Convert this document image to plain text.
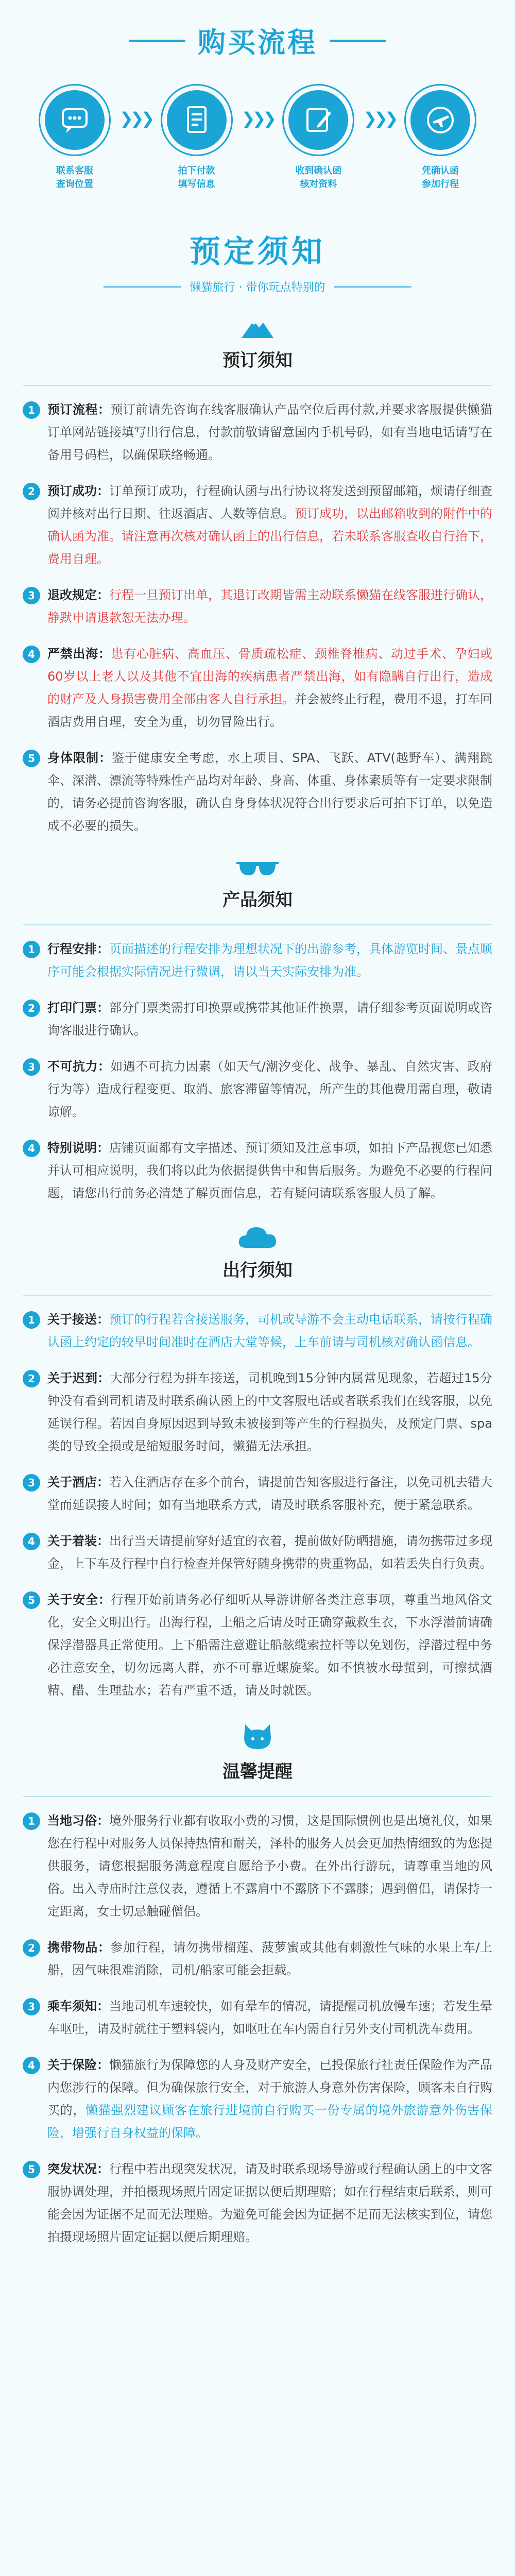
购买流程
联系客服
查询位置
❯❯❯
拍下付款
填写信息
❯❯❯
收到确认函
核对资料
❯❯❯
凭确认函
参加行程
预定须知
懒猫旅行 · 带你玩点特别的
预订须知
1	预订流程：预订前请先咨询在线客服确认产品空位后再付款,并要求客服提供懒猫订单网站链接填写出行信息，付款前敬请留意国内手机号码，如有当地电话请写在备用号码栏，以确保联络畅通。
2	预订成功：订单预订成功，行程确认函与出行协议将发送到预留邮箱，烦请仔细查阅并核对出行日期、往返酒店、人数等信息。预订成功，以出邮箱收到的附件中的确认函为准。请注意再次核对确认函上的出行信息，若未联系客服查收自行抬下，费用自理。
3	退改规定：行程一旦预订出单，其退订改期皆需主动联系懒猫在线客服进行确认，静默申请退款恕无法办理。
4	严禁出海：患有心脏病、高血压、骨质疏松症、颈椎脊椎病、动过手术、孕妇或60岁以上老人以及其他不宜出海的疾病患者严禁出海，如有隐瞒自行出行，造成的财产及人身损害费用全部由客人自行承担。并会被终止行程，费用不退，打车回酒店费用自理，安全为重，切勿冒险出行。
5	身体限制：鉴于健康安全考虑，水上项目、SPA、飞跃、ATV(越野车）、满翔跳伞、深潜、漂流等特殊性产品均对年龄、身高、体重、身体素质等有一定要求限制的，请务必提前咨询客服，确认自身身体状况符合出行要求后可拍下订单，以免造成不必要的损失。
产品须知
1	行程安排：页面描述的行程安排为理想状况下的出游参考，具体游览时间、景点顺序可能会根据实际情况进行微调，请以当天实际安排为准。
2	打印门票：部分门票类需打印换票或携带其他证件换票，请仔细参考页面说明或咨询客服进行确认。
3	不可抗力：如遇不可抗力因素（如天气/潮汐变化、战争、暴乱、自然灾害、政府行为等）造成行程变更、取消、旅客滞留等情况，所产生的其他费用需自理，敬请谅解。
4	特别说明：店铺页面都有文字描述、预订须知及注意事项，如拍下产品视您已知悉并认可相应说明，我们将以此为依据提供售中和售后服务。为避免不必要的行程问题，请您出行前务必清楚了解页面信息，若有疑问请联系客服人员了解。
出行须知
1	关于接送：预订的行程若含接送服务，司机或导游不会主动电话联系，请按行程确认函上约定的较早时间准时在酒店大堂等候，上车前请与司机核对确认函信息。
2	关于迟到：大部分行程为拼车接送，司机晚到15分钟内属常见现象，若超过15分钟没有看到司机请及时联系确认函上的中文客服电话或者联系我们在线客服，以免延误行程。若因自身原因迟到导致未被接到等产生的行程损失，及预定门票、spa类的导致全损或是缩短服务时间，懒猫无法承担。
3	关于酒店：若入住酒店存在多个前台，请提前告知客服进行备注，以免司机去错大堂而延误接人时间；如有当地联系方式，请及时联系客服补充，便于紧急联系。
4	关于着装：出行当天请提前穿好适宜的衣着，提前做好防晒措施，请勿携带过多现金，上下车及行程中自行检查并保管好随身携带的贵重物品，如若丢失自行负责。
5	关于安全：行程开始前请务必仔细听从导游讲解各类注意事项，尊重当地风俗文化，安全文明出行。出海行程，上船之后请及时正确穿戴救生衣，下水浮潜前请确保浮潜器具正常使用。上下船需注意避让船舷缆索拉杆等以免划伤，浮潜过程中务必注意安全，切勿远离人群，亦不可靠近螺旋桨。如不慎被水母蜇到，可擦拭酒精、醋、生理盐水；若有严重不适，请及时就医。
温馨提醒
1	当地习俗：境外服务行业都有收取小费的习惯，这是国际惯例也是出境礼仪，如果您在行程中对服务人员保持热情和耐关，泽朴的服务人员会更加热情细致的为您提供服务，请您根据服务满意程度自愿给予小费。在外出行游玩，请尊重当地的风俗。出入寺庙时注意仪表，遵循上不露肩中不露脐下不露膝；遇到僧侣，请保持一定距离，女士切忌触碰僧侣。
2	携带物品：参加行程，请勿携带榴莲、菠萝蜜或其他有刺激性气味的水果上车/上船，因气味很难消除，司机/船家可能会拒载。
3	乘车须知：当地司机车速较快，如有晕车的情况，请提醒司机放慢车速；若发生晕车呕吐，请及时就往于塑料袋内，如呕吐在车内需自行另外支付司机洗车费用。
4	关于保险：懒猫旅行为保障您的人身及财产安全，已投保旅行社责任保险作为产品内您涉行的保障。但为确保旅行安全，对于旅游人身意外伤害保险，顾客未自行购买的，懒猫强烈建议顾客在旅行进境前自行购买一份专属的境外旅游意外伤害保险，增强行自身权益的保障。
5	突发状况：行程中若出现突发状况，请及时联系现场导游或行程确认函上的中文客服协调处理，并拍摄现场照片固定证据以便后期理赔；如在行程结束后联系，则可能会因为证据不足而无法理赔。为避免可能会因为证据不足而无法核实到位，请您拍摄现场照片固定证据以便后期理赔。
